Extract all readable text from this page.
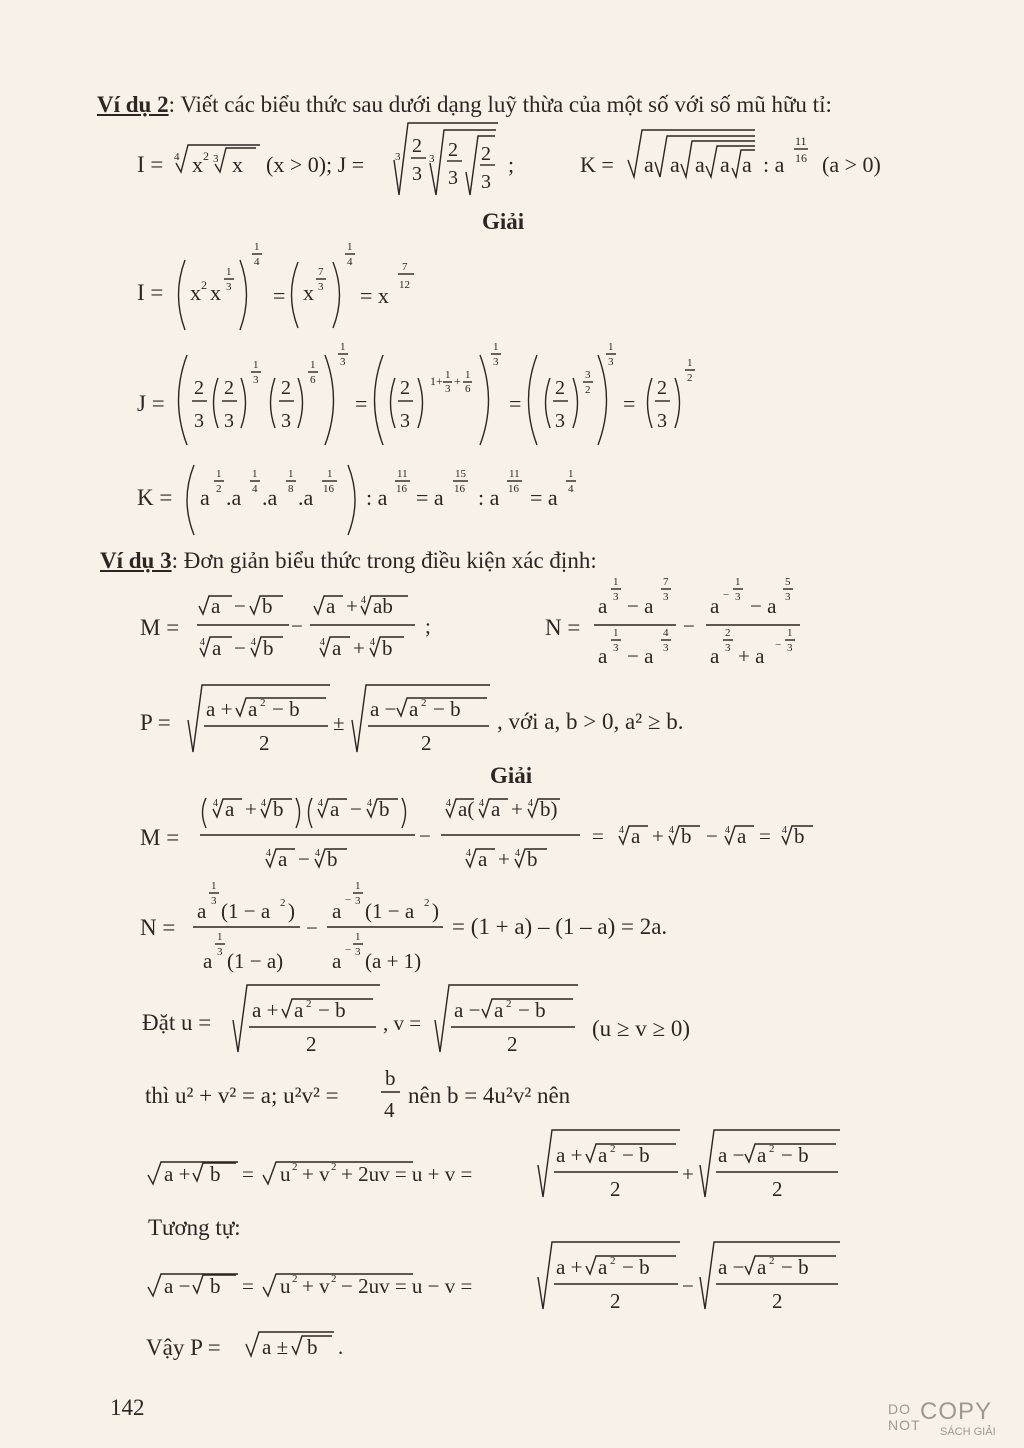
Ví dụ 2: Viết các biểu thức sau dưới dạng luỹ thừa của một số với số mũ hữu tỉ:
Giải
Ví dụ 3: Đơn giản biểu thức trong điều kiện xác định:
, với a, b > 0, a² ≥ b.
Giải
= (1 + a) – (1 – a) = 2a.
(u ≥ v ≥ 0)
thì u² + v² = a; u²v² =	nên b = 4u²v² nên
Tương tự:
Vậy P =
142	DO
NOT COPY
SÁCH GIẢI
I = 4 x 2 3 x (x > 0); J =	3 2
3
3 2
3
2
3
;	K = a a a a a : a
11
16 (a > 0)
I = x 2 x
1
3
1
4
= x
7
3
1
4
= x
7
12
J =
2
3
2
3
1
3 2
3
1
6
1
3
=
2
3
1+ 1
3
+ 1
6
1
3
=
2
3
3
2
1
3
=
2
3
1
2
K = a
1
2 .a
1
4 .a
1
8 .a
1
16 : a
11
16 = a
15
16 : a
11
16 = a
1
4
M =
a − b
4 a − 4 b
−
a + 4 ab
4 a + 4 b
;	N =
a
1
3 − a
7
3
a
1
3 − a
4
3
−
a −
1
3 − a
5
3
a
2
3 + a −
1
3
P =
a + a 2 − b
2
±
a − a 2 − b
2
M =
4 a + 4 b	4 a − 4 b
4 a − 4 b
−
4 a( 4 a + 4 b)
4 a + 4 b
= 4 a + 4 b − 4 a = 4 b
N =
a
1
3 (1 − a 2 )
a
1
3 (1 − a)
−
a −
1
3 (1 − a 2 )
a −
1
3 (a + 1)
Đặt u = a + a 2 − b
2
, v =
a − a 2 − b
2
b
4
a + b = u 2 + v 2 + 2uv = u + v =
a + a 2 − b
2
+
a − a 2 − b
2
a − b = u 2 + v 2 − 2uv = u − v =
a + a 2 − b
2
−
a − a 2 − b
2
a ± b .
